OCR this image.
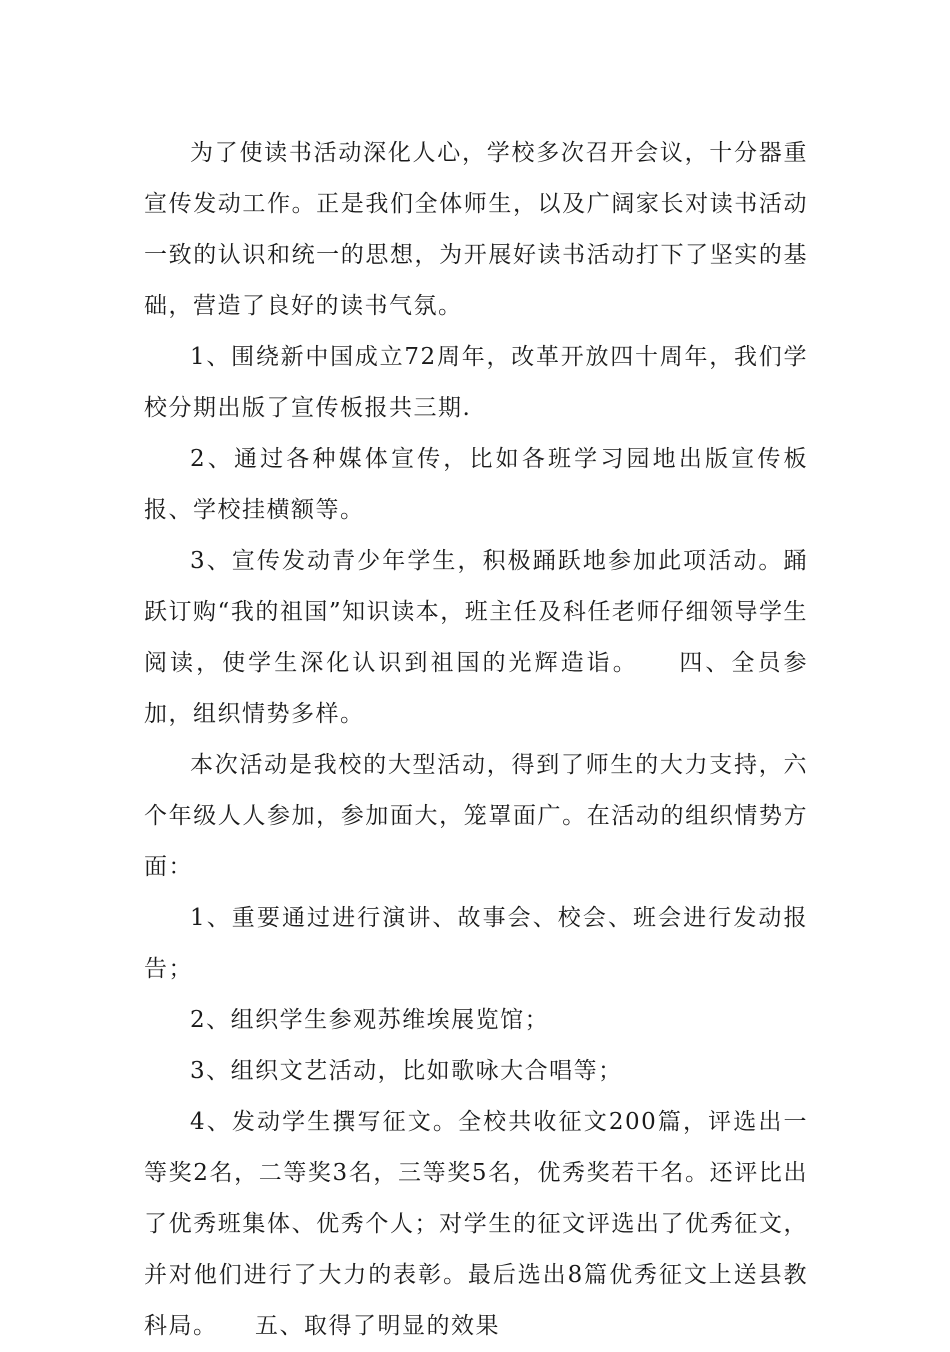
为了使读书活动深化人心，学校多次召开会议，十分器重宣传发动工作。正是我们全体师生，以及广阔家长对读书活动一致的认识和统一的思想，为开展好读书活动打下了坚实的基础，营造了良好的读书气氛。

1、围绕新中国成立72周年，改革开放四十周年，我们学校分期出版了宣传板报共三期.

2、通过各种媒体宣传，比如各班学习园地出版宣传板报、学校挂横额等。

3、宣传发动青少年学生，积极踊跃地参加此项活动。踊跃订购“我的祖国”知识读本，班主任及科任老师仔细领导学生阅读，使学生深化认识到祖国的光辉造诣。　　四、全员参加，组织情势多样。

本次活动是我校的大型活动，得到了师生的大力支持，六个年级人人参加，参加面大，笼罩面广。在活动的组织情势方面：

1、重要通过进行演讲、故事会、校会、班会进行发动报告；

2、组织学生参观苏维埃展览馆；

3、组织文艺活动，比如歌咏大合唱等；

4、发动学生撰写征文。全校共收征文200篇，评选出一等奖2名，二等奖3名，三等奖5名，优秀奖若干名。还评比出了优秀班集体、优秀个人；对学生的征文评选出了优秀征文，并对他们进行了大力的表彰。最后选出8篇优秀征文上送县教科局。　　五、取得了明显的效果
